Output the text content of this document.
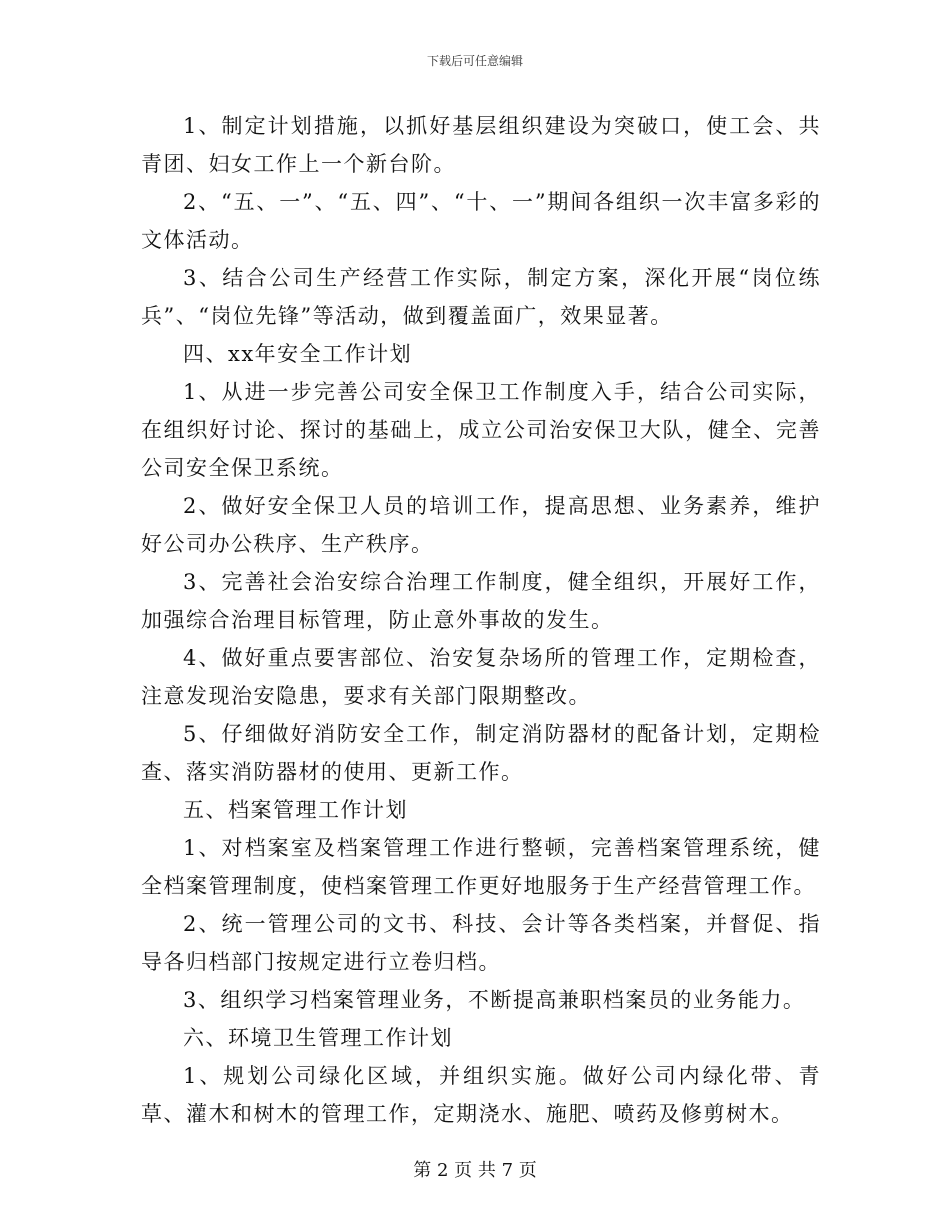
下载后可任意编辑

1、制定计划措施，以抓好基层组织建设为突破口，使工会、共青团、妇女工作上一个新台阶。

2、“五、一”、“五、四”、“十、一”期间各组织一次丰富多彩的文体活动。

3、结合公司生产经营工作实际，制定方案，深化开展“岗位练兵”、“岗位先锋”等活动，做到覆盖面广，效果显著。

四、xx年安全工作计划

1、从进一步完善公司安全保卫工作制度入手，结合公司实际，在组织好讨论、探讨的基础上，成立公司治安保卫大队，健全、完善公司安全保卫系统。

2、做好安全保卫人员的培训工作，提高思想、业务素养，维护好公司办公秩序、生产秩序。

3、完善社会治安综合治理工作制度，健全组织，开展好工作，加强综合治理目标管理，防止意外事故的发生。

4、做好重点要害部位、治安复杂场所的管理工作，定期检查，注意发现治安隐患，要求有关部门限期整改。

5、仔细做好消防安全工作，制定消防器材的配备计划，定期检查、落实消防器材的使用、更新工作。

五、档案管理工作计划

1、对档案室及档案管理工作进行整顿，完善档案管理系统，健全档案管理制度，使档案管理工作更好地服务于生产经营管理工作。

2、统一管理公司的文书、科技、会计等各类档案，并督促、指导各归档部门按规定进行立卷归档。

3、组织学习档案管理业务，不断提高兼职档案员的业务能力。

六、环境卫生管理工作计划

1、规划公司绿化区域，并组织实施。做好公司内绿化带、青草、灌木和树木的管理工作，定期浇水、施肥、喷药及修剪树木。

第 2 页 共 7 页
